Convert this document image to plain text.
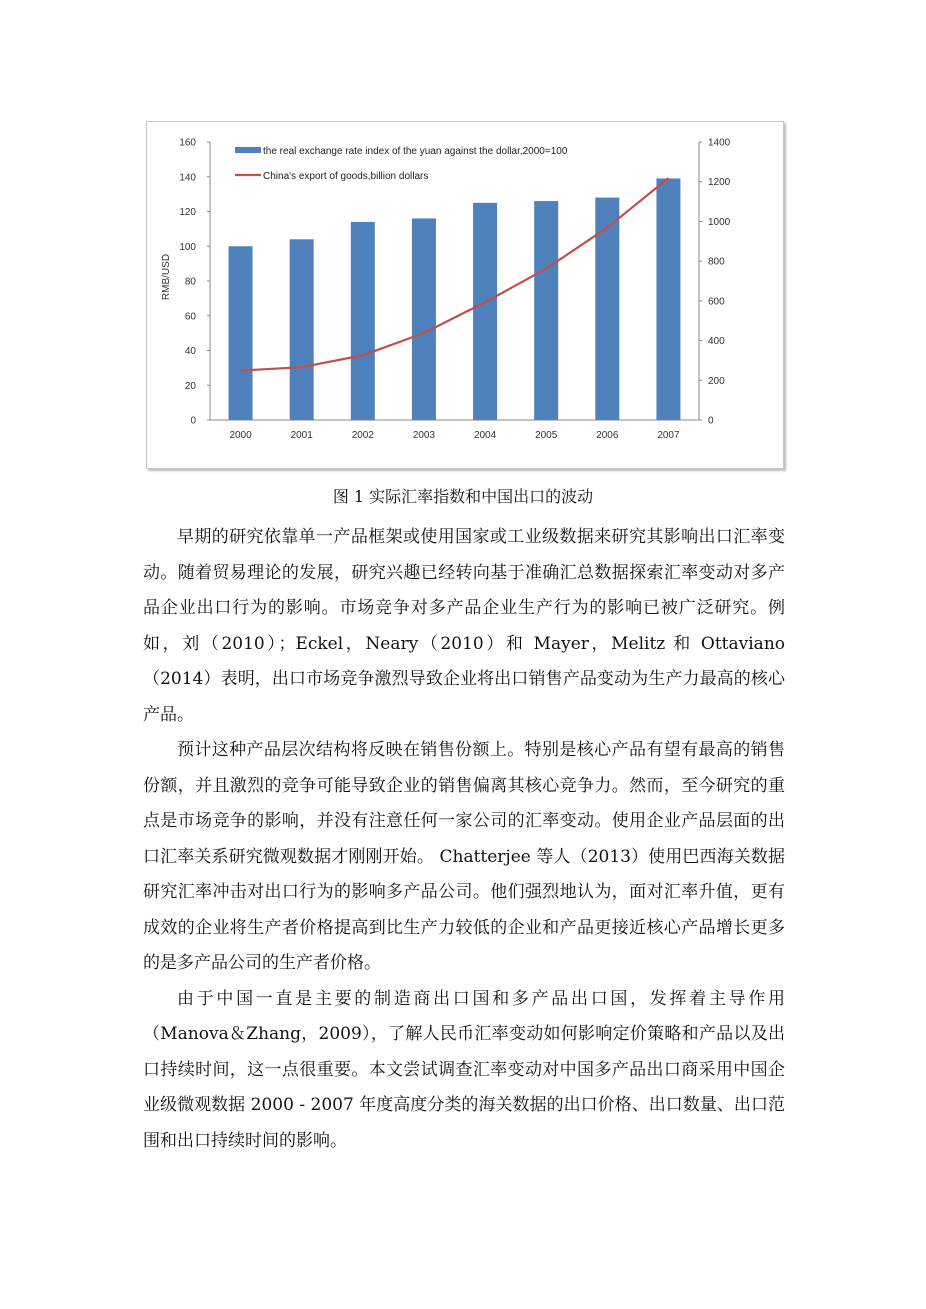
0
20
40
60
80
100
120
140
160
0
200
400
600
800
1000
1200
1400
RMB/USD
2000	2001	2002	2003	2004	2005	2006	2007
the real exchange rate index of the yuan against the dollar,2000=100
China's export of goods,billion dollars
图 1 实际汇率指数和中国出口的波动

早期的研究依靠单一产品框架或使用国家或工业级数据来研究其影响出口汇率变动。随着贸易理论的发展，研究兴趣已经转向基于准确汇总数据探索汇率变动对多产品企业出口行为的影响。市场竞争对多产品企业生产行为的影响已被广泛研究。例如，刘（2010）；Eckel，Neary（2010）和 Mayer，Melitz 和 Ottaviano（2014）表明，出口市场竞争激烈导致企业将出口销售产品变动为生产力最高的核心产品。

预计这种产品层次结构将反映在销售份额上。特别是核心产品有望有最高的销售份额，并且激烈的竞争可能导致企业的销售偏离其核心竞争力。然而，至今研究的重点是市场竞争的影响，并没有注意任何一家公司的汇率变动。使用企业产品层面的出口汇率关系研究微观数据才刚刚开始。 Chatterjee 等人（2013）使用巴西海关数据研究汇率冲击对出口行为的影响多产品公司。他们强烈地认为，面对汇率升值，更有成效的企业将生产者价格提高到比生产力较低的企业和产品更接近核心产品增长更多的是多产品公司的生产者价格。

由于中国一直是主要的制造商出口国和多产品出口国，发挥着主导作用（Manova＆Zhang，2009），了解人民币汇率变动如何影响定价策略和产品以及出口持续时间，这一点很重要。本文尝试调查汇率变动对中国多产品出口商采用中国企业级微观数据 2000 - 2007 年度高度分类的海关数据的出口价格、出口数量、出口范围和出口持续时间的影响。
